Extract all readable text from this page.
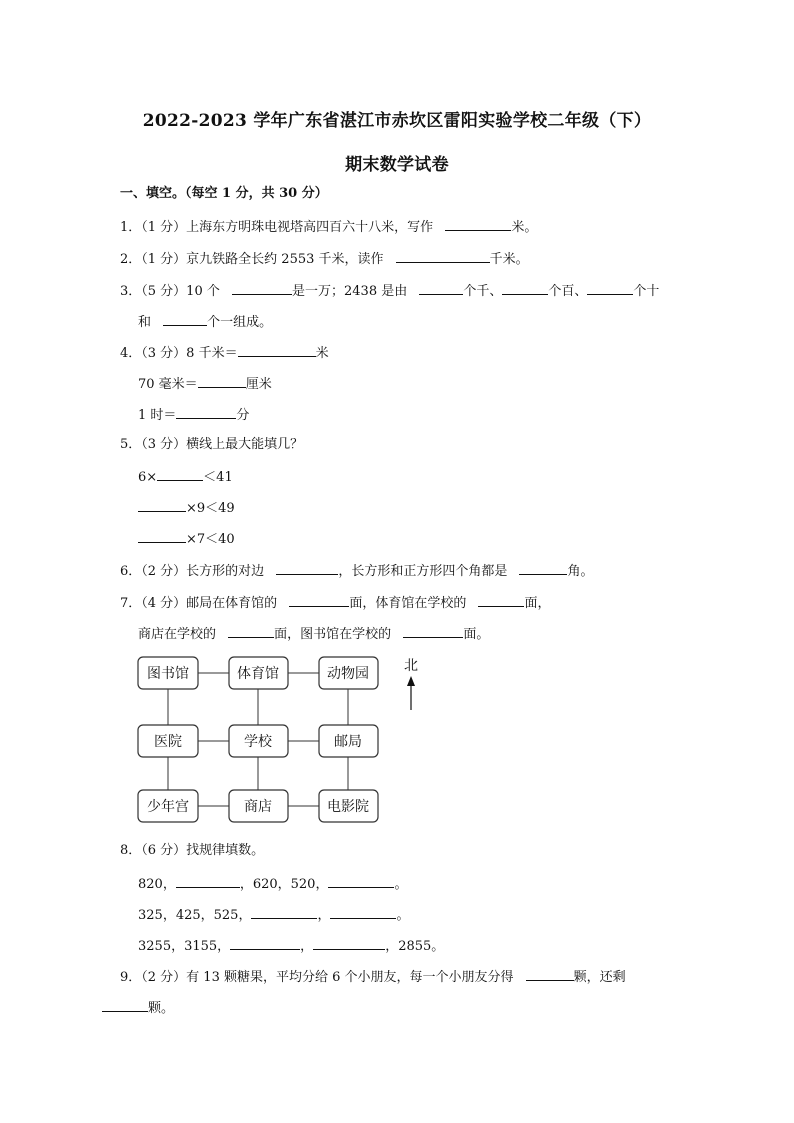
2022-2023 学年广东省湛江市赤坎区雷阳实验学校二年级（下）
期末数学试卷
一、填空。（每空 1 分，共 30 分）
1．（1 分）上海东方明珠电视塔高四百六十八米，写作	米。
2．（1 分）京九铁路全长约 2553 千米，读作	千米。
3．（5 分）10 个	是一万；2438 是由	个千、	个百、	个十
和	个一组成。
4．（3 分）8 千米＝	米
70 毫米＝	厘米
1 时＝	分
5．（3 分）横线上最大能填几？
6×	＜41
×9＜49
×7＜40
6．（2 分）长方形的对边	，长方形和正方形四个角都是	角。
7．（4 分）邮局在体育馆的	面，体育馆在学校的	面，
商店在学校的	面，图书馆在学校的	面。
图书馆	体育馆	动物园
医院	学校	邮局
少年宫	商店	电影院
北
8．（6 分）找规律填数。
820，	，620，520，	。
325，425，525，	，	。
3255，3155，	，	，2855。
9．（2 分）有 13 颗糖果，平均分给 6 个小朋友，每一个小朋友分得	颗，还剩
颗。
